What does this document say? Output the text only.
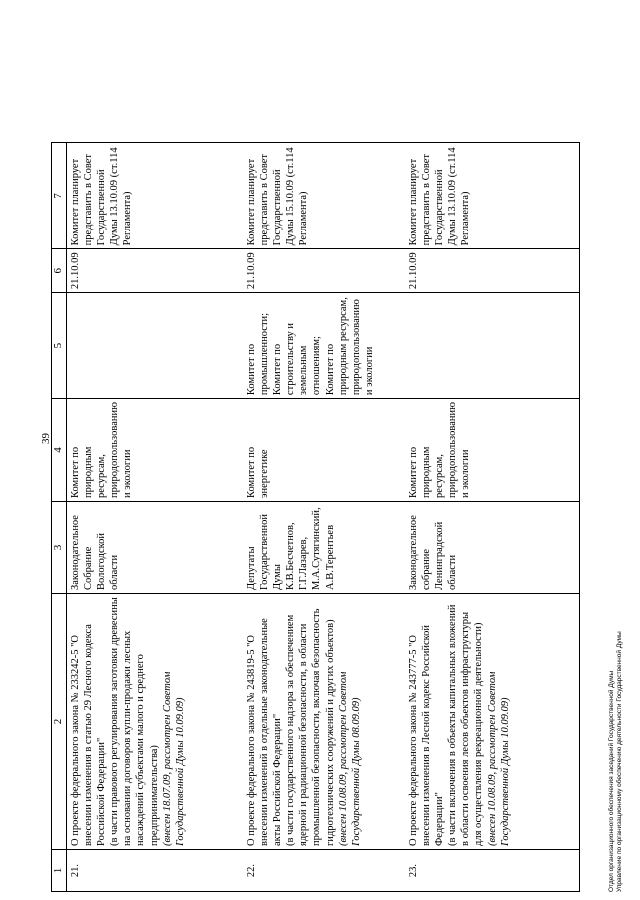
39
1	2	3	4	5	6	7
21.	О проекте федерального закона № 233242-5 "О внесении изменения в статью 29 Лесного кодекса Российской Федерации" (в части правового регулирования заготовки древесины на основании договоров купли-продажи лесных насаждений субъектами малого и среднего предпринимательства) (внесен 18.07.09, рассмотрен Советом Государственной Думы 10.09.09)	Законодательное Собрание Вологодской области	Комитет по природным ресурсам, природопользованию и экологии		21.10.09	Комитет планирует представить в Совет Государственной Думы 13.10.09 (ст.114 Регламента)
22.	О проекте федерального закона № 243819-5 "О внесении изменений в отдельные законодательные акты Российской Федерации" (в части государственного надзора за обеспечением ядерной и радиационной безопасности, в области промышленной безопасности, включая безопасность гидротехнических сооружений и других объектов) (внесен 10.08.09, рассмотрен Советом Государственной Думы 08.09.09)	Депутаты Государственной Думы К.В.Бесчетнов, Г.Г.Лазарев, М.А.Сутягинский, А.В.Терентьев	Комитет по энергетике	Комитет по промышленности; Комитет по строительству и земельным отношениям; Комитет по природным ресурсам, природопользованию и экологии	21.10.09	Комитет планирует представить в Совет Государственной Думы 15.10.09 (ст.114 Регламента)
23.	О проекте федерального закона № 243777-5 "О внесении изменения в Лесной кодекс Российской Федерации" (в части включения в объекты капитальных вложений в области освоения лесов объектов инфраструктуры для осуществления рекреационной деятельности) (внесен 10.08.09, рассмотрен Советом Государственной Думы 10.09.09)	Законодательное собрание Ленинградской области	Комитет по природным ресурсам, природопользованию и экологии		21.10.09	Комитет планирует представить в Совет Государственной Думы 13.10.09 (ст.114 Регламента)
Отдел организационного обеспечения заседаний Государственной Думы Управление по организационному обеспечению деятельности Государственной Думы
